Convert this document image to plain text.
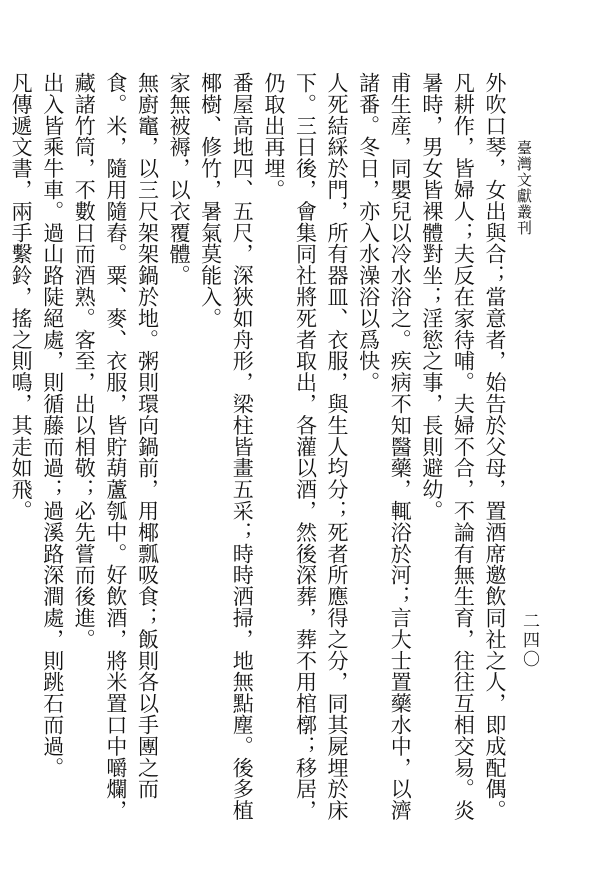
臺灣文獻叢刊
二四〇

外吹口琴，女出與合；當意者，始告於父母，置酒席邀飲同社之人，即成配偶。凡耕作，皆婦人；夫反在家待哺。夫婦不合，不論有無生育，往往互相交易。炎暑時，男女皆裸體對坐；淫慾之事，長則避幼。

甫生産，同嬰兒以冷水浴之。疾病不知醫藥，輒浴於河；言大士置藥水中，以濟諸番。冬日，亦入水澡浴以爲快。

人死結綵於門，所有器皿、衣服，與生人均分；死者所應得之分，同其屍埋於床下。三日後，會集同社將死者取出，各灌以酒，然後深葬，葬不用棺槨；移居，仍取出再埋。

番屋高地四、五尺，深狹如舟形，梁柱皆畫五采；時時洒掃，地無點塵。後多植椰樹、修竹，暑氣莫能入。

家無被褥，以衣覆體。

無廚竈，以三尺架架鍋於地。粥則環向鍋前，用椰瓢吸食；飯則各以手團之而食。米，隨用隨舂。粟、麥、衣服，皆貯葫蘆瓠中。好飲酒，將米置口中嚼爛，藏諸竹筒，不數日而酒熟。客至，出以相敬；必先嘗而後進。

出入皆乘牛車。過山路陡絕處，則循藤而過；過溪路深澗處，則跳石而過。

凡傳遞文書，兩手繫鈴，搖之則鳴，其走如飛。
